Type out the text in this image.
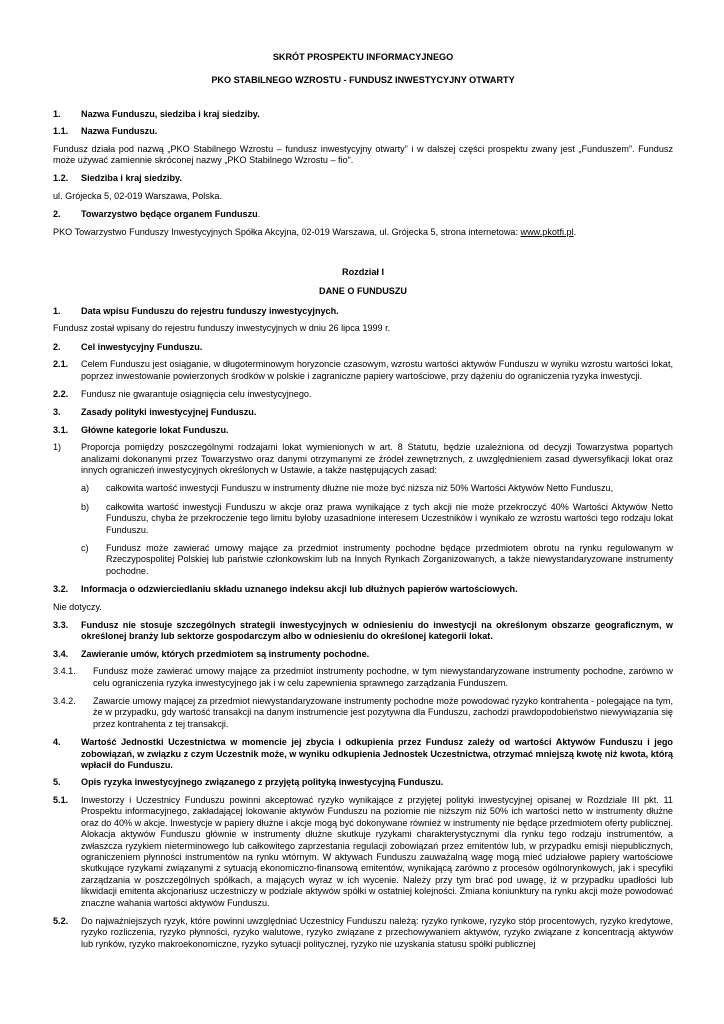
SKRÓT PROSPEKTU INFORMACYJNEGO
PKO STABILNEGO WZROSTU - FUNDUSZ INWESTYCYJNY OTWARTY
1.	Nazwa Funduszu, siedziba i kraj siedziby.
1.1.	Nazwa Funduszu.
Fundusz działa pod nazwą „PKO Stabilnego Wzrostu – fundusz inwestycyjny otwarty” i w dalszej części prospektu zwany jest „Funduszem”. Fundusz może używać zamiennie skróconej nazwy „PKO Stabilnego Wzrostu – fio”.
1.2.	Siedziba i kraj siedziby.
ul. Grójecka 5, 02-019 Warszawa, Polska.
2.	Towarzystwo będące organem Funduszu.
PKO Towarzystwo Funduszy Inwestycyjnych Spółka Akcyjna, 02-019 Warszawa, ul. Grójecka 5, strona internetowa: www.pkotfi.pl.
Rozdział I
DANE O FUNDUSZU
1.	Data wpisu Funduszu do rejestru funduszy inwestycyjnych.
Fundusz został wpisany do rejestru funduszy inwestycyjnych w dniu 26 lipca 1999 r.
2.	Cel inwestycyjny Funduszu.
2.1.	Celem Funduszu jest osiąganie, w długoterminowym horyzoncie czasowym, wzrostu wartości aktywów Funduszu w wyniku wzrostu wartości lokat, poprzez inwestowanie powierzonych środków w polskie i zagraniczne papiery wartościowe, przy dążeniu do ograniczenia ryzyka inwestycji.
2.2.	Fundusz nie gwarantuje osiągnięcia celu inwestycyjnego.
3.	Zasady polityki inwestycyjnej Funduszu.
3.1.	Główne kategorie lokat Funduszu.
1)	Proporcja pomiędzy poszczególnymi rodzajami lokat wymienionych w art. 8 Statutu, będzie uzależniona od decyzji Towarzystwa popartych analizami dokonanymi przez Towarzystwo oraz danymi otrzymanymi ze źródeł zewnętrznych, z uwzględnieniem zasad dywersyfikacji lokat oraz innych ograniczeń inwestycyjnych określonych w Ustawie, a także następujących zasad:
a)	całkowita wartość inwestycji Funduszu w instrumenty dłużne nie może być niższa niż 50% Wartości Aktywów Netto Funduszu,
b)	całkowita wartość inwestycji Funduszu w akcje oraz prawa wynikające z tych akcji nie może przekroczyć 40% Wartości Aktywów Netto Funduszu, chyba że przekroczenie tego limitu byłoby uzasadnione interesem Uczestników i wynikało ze wzrostu wartości tego rodzaju lokat Funduszu.
c)	Fundusz może zawierać umowy mające za przedmiot instrumenty pochodne będące przedmiotem obrotu na rynku regulowanym w Rzeczypospolitej Polskiej lub państwie członkowskim lub na Innych Rynkach Zorganizowanych, a także niewystandaryzowane instrumenty pochodne.
3.2.	Informacja o odzwierciedlaniu składu uznanego indeksu akcji lub dłużnych papierów wartościowych.
Nie dotyczy.
3.3.	Fundusz nie stosuje szczególnych strategii inwestycyjnych w odniesieniu do inwestycji na określonym obszarze geograficznym, w określonej branży lub sektorze gospodarczym albo w odniesieniu do określonej kategorii lokat.
3.4.	Zawieranie umów, których przedmiotem są instrumenty pochodne.
3.4.1.	Fundusz może zawierać umowy mające za przedmiot instrumenty pochodne, w tym niewystandaryzowane instrumenty pochodne, zarówno w celu ograniczenia ryzyka inwestycyjnego jak i w celu zapewnienia sprawnego zarządzania Funduszem.
3.4.2.	Zawarcie umowy mającej za przedmiot niewystandaryzowane instrumenty pochodne może powodować ryzyko kontrahenta - polegające na tym, że w przypadku, gdy wartość transakcji na danym instrumencie jest pozytywna dla Funduszu, zachodzi prawdopodobieństwo niewywiązania się przez kontrahenta z tej transakcji.
4.	Wartość Jednostki Uczestnictwa w momencie jej zbycia i odkupienia przez Fundusz zależy od wartości Aktywów Funduszu i jego zobowiązań, w związku z czym Uczestnik może, w wyniku odkupienia Jednostek Uczestnictwa, otrzymać mniejszą kwotę niż kwota, którą wpłacił do Funduszu.
5.	Opis ryzyka inwestycyjnego związanego z przyjętą polityką inwestycyjną Funduszu.
5.1.	Inwestorzy i Uczestnicy Funduszu powinni akceptować ryzyko wynikające z przyjętej polityki inwestycyjnej opisanej w Rozdziale III pkt. 11 Prospektu informacyjnego, zakładającej lokowanie aktywów Funduszu na poziomie nie niższym niż 50% ich wartości netto w instrumenty dłużne oraz do 40% w akcje. Inwestycje w papiery dłużne i akcje mogą być dokonywane również w instrumenty nie będące przedmiotem oferty publicznej. Alokacja aktywów Funduszu głównie w instrumenty dłużne skutkuje ryzykami charakterystycznymi dla rynku tego rodzaju instrumentów, a zwłaszcza ryzykiem nieterminowego lub całkowitego zaprzestania regulacji zobowiązań przez emitentów lub, w przypadku emisji niepublicznych, ograniczeniem płynności instrumentów na rynku wtórnym. W aktywach Funduszu zauważalną wagę mogą mieć udziałowe papiery wartościowe skutkujące ryzykami związanymi z sytuacją ekonomiczno-finansową emitentów, wynikającą zarówno z procesów ogólnorynkowych, jak i specyfiki zarządzania w poszczególnych spółkach, a mających wyraz w ich wycenie. Należy przy tym brać pod uwagę, iż w przypadku upadłości lub likwidacji emitenta akcjonariusz uczestniczy w podziale aktywów spółki w ostatniej kolejności. Zmiana koniunktury na rynku akcji może powodować znaczne wahania wartości aktywów Funduszu.
5.2.	Do najważniejszych ryzyk, które powinni uwzględniać Uczestnicy Funduszu należą: ryzyko rynkowe, ryzyko stóp procentowych, ryzyko kredytowe, ryzyko rozliczenia, ryzyko płynności, ryzyko walutowe, ryzyko związane z przechowywaniem aktywów, ryzyko związane z koncentracją aktywów lub rynków, ryzyko makroekonomiczne, ryzyko sytuacji politycznej, ryzyko nie uzyskania statusu spółki publicznej
